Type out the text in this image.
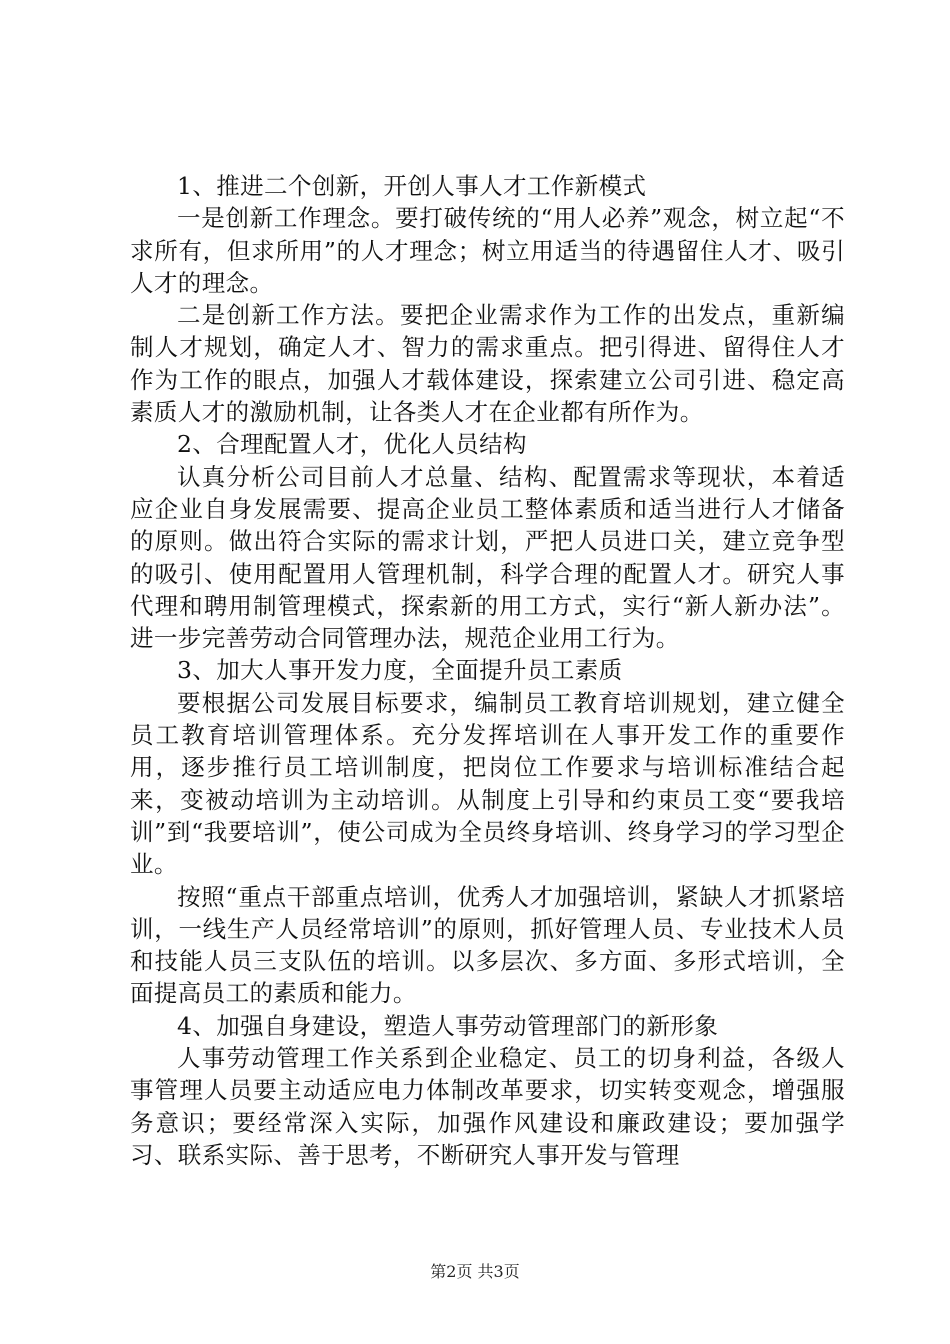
1、推进二个创新，开创人事人才工作新模式

一是创新工作理念。要打破传统的“用人必养”观念，树立起“不求所有，但求所用”的人才理念；树立用适当的待遇留住人才、吸引人才的理念。

二是创新工作方法。要把企业需求作为工作的出发点，重新编制人才规划，确定人才、智力的需求重点。把引得进、留得住人才作为工作的眼点，加强人才载体建设，探索建立公司引进、稳定高素质人才的激励机制，让各类人才在企业都有所作为。

2、合理配置人才，优化人员结构

认真分析公司目前人才总量、结构、配置需求等现状，本着适应企业自身发展需要、提高企业员工整体素质和适当进行人才储备的原则。做出符合实际的需求计划，严把人员进口关，建立竞争型的吸引、使用配置用人管理机制，科学合理的配置人才。研究人事代理和聘用制管理模式，探索新的用工方式，实行“新人新办法”。进一步完善劳动合同管理办法，规范企业用工行为。

3、加大人事开发力度，全面提升员工素质

要根据公司发展目标要求，编制员工教育培训规划，建立健全员工教育培训管理体系。充分发挥培训在人事开发工作的重要作用，逐步推行员工培训制度，把岗位工作要求与培训标准结合起来，变被动培训为主动培训。从制度上引导和约束员工变“要我培训”到“我要培训”，使公司成为全员终身培训、终身学习的学习型企业。

按照“重点干部重点培训，优秀人才加强培训，紧缺人才抓紧培训，一线生产人员经常培训”的原则，抓好管理人员、专业技术人员和技能人员三支队伍的培训。以多层次、多方面、多形式培训，全面提高员工的素质和能力。

4、加强自身建设，塑造人事劳动管理部门的新形象

人事劳动管理工作关系到企业稳定、员工的切身利益，各级人事管理人员要主动适应电力体制改革要求，切实转变观念，增强服务意识；要经常深入实际，加强作风建设和廉政建设；要加强学习、联系实际、善于思考，不断研究人事开发与管理

第2页 共3页
